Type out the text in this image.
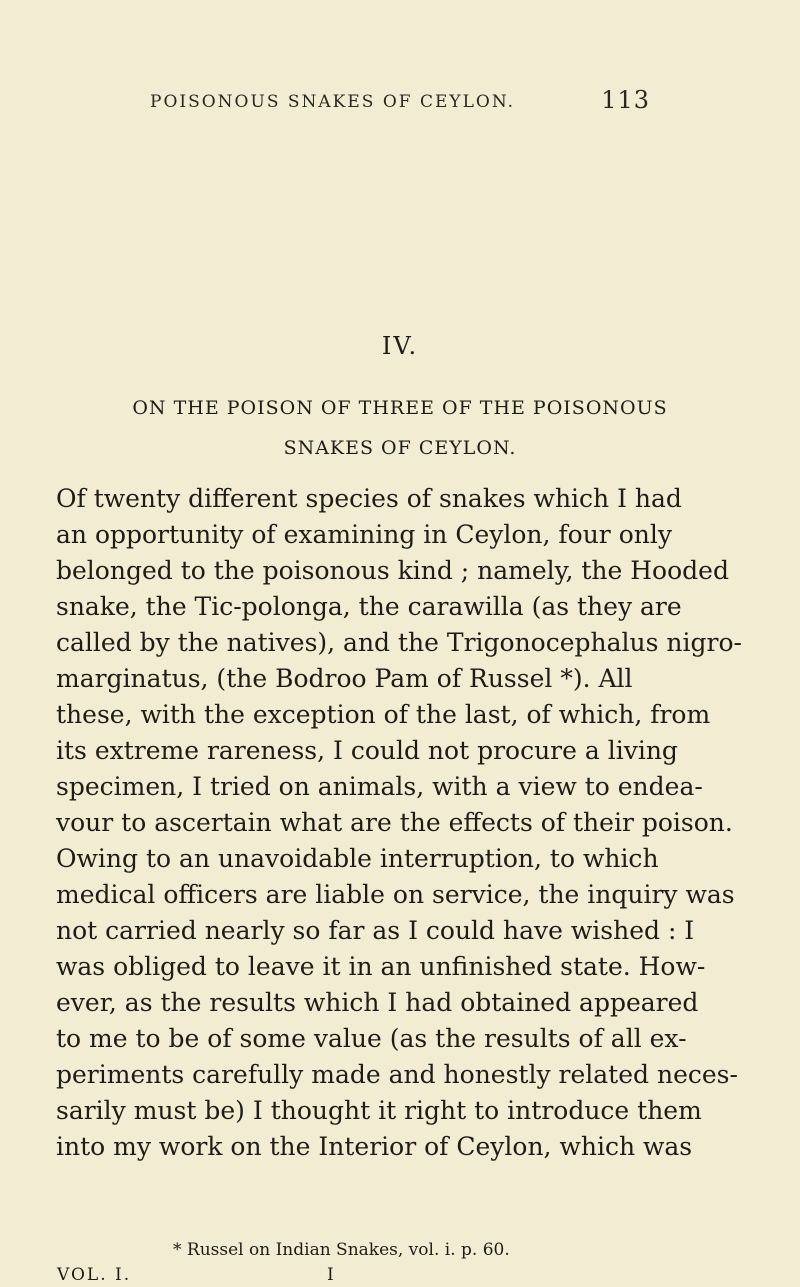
POISONOUS SNAKES OF CEYLON.	113
IV.
ON THE POISON OF THREE OF THE POISONOUS
SNAKES OF CEYLON.
Of twenty different species of snakes which I had
an opportunity of examining in Ceylon, four only
belonged to the poisonous kind ; namely, the Hooded
snake, the Tic-polonga, the carawilla (as they are
called by the natives), and the Trigonocephalus nigro-
marginatus, (the Bodroo Pam of Russel *). All
these, with the exception of the last, of which, from
its extreme rareness, I could not procure a living
specimen, I tried on animals, with a view to endea-
vour to ascertain what are the effects of their poison.
Owing to an unavoidable interruption, to which
medical officers are liable on service, the inquiry was
not carried nearly so far as I could have wished : I
was obliged to leave it in an unfinished state. How-
ever, as the results which I had obtained appeared
to me to be of some value (as the results of all ex-
periments carefully made and honestly related neces-
sarily must be) I thought it right to introduce them
into my work on the Interior of Ceylon, which was
* Russel on Indian Snakes, vol. i. p. 60.
VOL. I.	I
